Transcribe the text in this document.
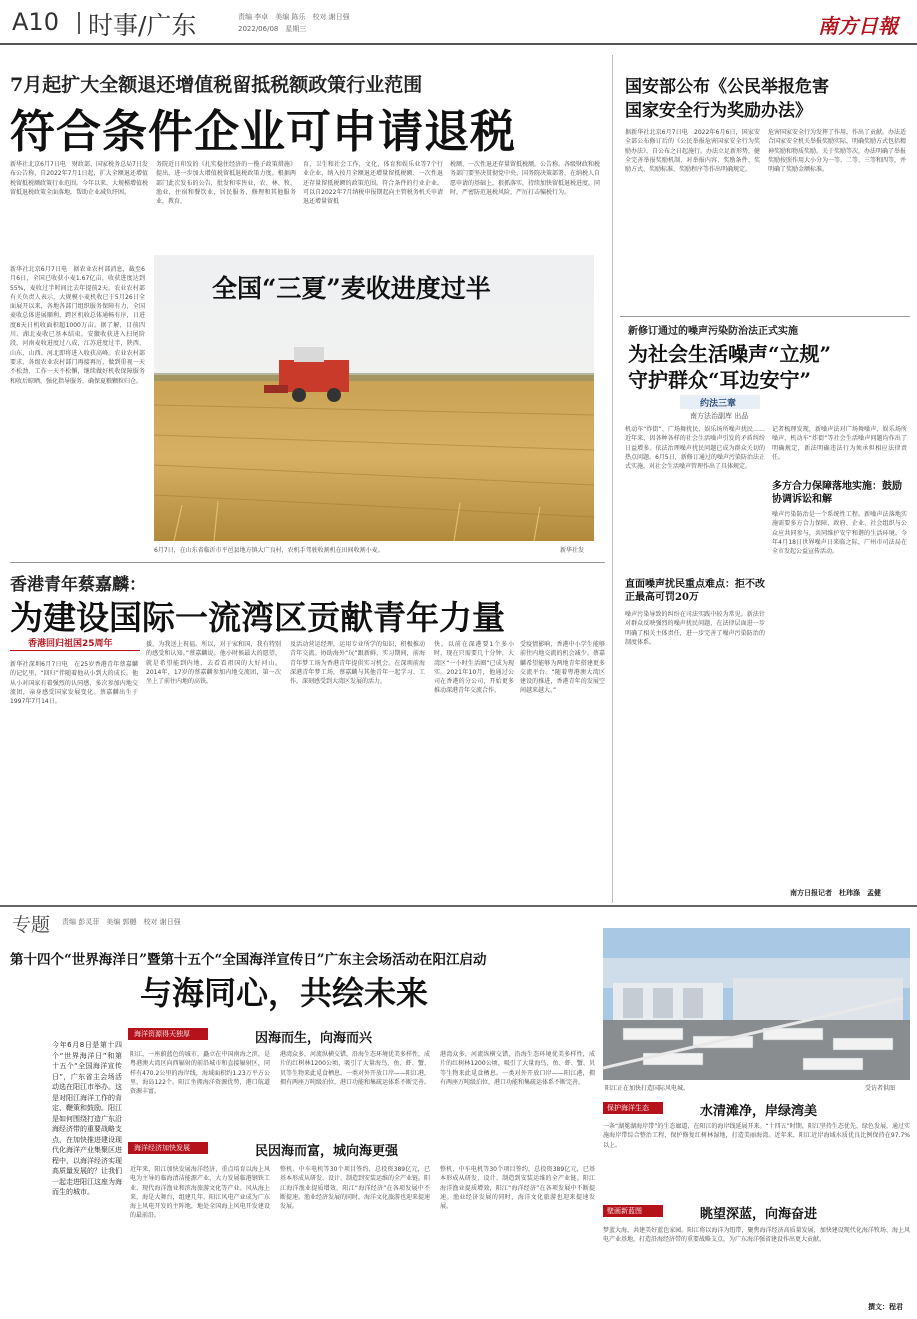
A10 时事/广东	责编 李卓　美编 陈乐　校对 谢日强
2022/06/08　星期三	南方日報
7月起扩大全额退还增值税留抵税额政策行业范围
符合条件企业可申请退税
新华社北京6月7日电　财政部、国家税务总局7日发布公告称，自2022年7月1日起，扩大全额退还增值税留抵税额政策行业范围。今年以来，大规模增值税留抵退税政策全面落地，帮助企业减负纾困。
务院近日印发的《扎实稳住经济的一揽子政策措施》提出，进一步加大增值税留抵退税政策力度。根据两部门此次发布的公告，批发和零售业，农、林、牧、渔业，住宿和餐饮业，居民服务、修理和其他服务业，教育，
育，卫生和社会工作，文化、体育和娱乐业等7个行业企业，纳入按月全额退还增量留抵税额、一次性退还存量留抵税额的政策范围。符合条件的行业企业，可以自2022年7月纳税申报期起向主管税务机关申请退还增量留抵
税额、一次性退还存量留抵税额。公告称，各级财政和税务部门要坚决贯彻党中央、国务院决策部署，在纳税人自愿申请的基础上，狠抓落实，持续加快留抵退税进度。同时，严密防范退税风险，严厉打击骗税行为。
新华社北京6月7日电　据农业农村部消息，截至6月6日，全国已收获小麦1.67亿亩，收获进度达到55%，麦收过半时间比去年提前2天。农业农村部有关负责人表示，大规模小麦机收已于5月26日全面展开以来，各地各部门组织服务保障有力，全国麦收总体进展顺利，跨区机收总体通畅有序，日进度8天日机收面积超1000万亩。据了解，目前四川、湖北麦收已基本结束，安徽收获进入扫尾阶段，河南麦收进度过八成，江苏进度过半，陕西、山东、山西、河北即将进入收获高峰。农业农村部要求，各级农业农村部门再接再厉，做到重视一天不松劲、工作一天不松懈，继续做好机收保障服务和收后晾晒，强化指导服务，确保夏粮颗粒归仓。
全国“三夏”麦收进度过半
6月7日，在山东省临沂市平邑县地方镇大广良村，农机手驾驶收割机在田间收割小麦。	新华社发
香港青年蔡嘉麟：
为建设国际一流湾区贡献青年力量
香港回归祖国25周年
新华社深圳6月7日电　在25岁香港青年蔡嘉麟的记忆里，“回归”伴随着他从小到大的成长。他从小对国家有着强烈的认同感，多次参加内地交流团，亲身感受国家发展变化。蔡嘉麟出生于1997年7月14日。
援，为我送上祝福。所以，对于家和国，我有特别的感受和认知。”蔡嘉麟说。他小时候最大的愿望，就是希望能到内地，去看看祖国的大好河山。2014年，17岁的蔡嘉麟参加内地交流团，第一次坐上了前往内地的高铁。
及活动营运经理，运用专业所学的知识，积极推动青年交流。协助海外“玩”跟新鲜，实习期间，前海青年梦工场为香港青年提供实习机会。在深圳前海深港青年梦工场，蔡嘉麟与其他青年一起学习、工作，深刻感受到大湾区发展的活力。
快。以前在深港要1个多小时，现在只需要几十分钟，大湾区“一小时生活圈”已成为现实。2021年10月，他通过公司在香港的分公司，开始更多推动深港青年交流合作。
受疫情影响，香港中小学生能够前往内地交流的机会减少。蔡嘉麟希望能够为两地青年搭建更多交流平台。“随着粤港澳大湾区建设的推进，香港青年的发展空间越来越大。”
国安部公布《公民举报危害
国家安全行为奖励办法》
据新华社北京6月7日电　2022年6月6日，国家安全部公布修订后的《公民举报危害国家安全行为奖励办法》，自公布之日起施行。办法立足新形势，健全完善举报奖励机制，对举报内容、奖励条件、奖励方式、奖励标准、奖励程序等作出明确规定。
危害国家安全行为发挥了作用，作出了贡献。办法适合国家安全机关举报奖励实际，明确奖励方式包括精神奖励和物质奖励。关于奖励等次，办法明确了举报奖励按照作用大小分为一等、二等、三等和四等，并明确了奖励金额标准。
新修订通过的噪声污染防治法正式实施
为社会生活噪声“立规”
守护群众“耳边安宁”
约法三章
南方法治副库 出品
机动车“炸街”、广场舞扰民、娱乐场所噪声扰民……近年来，因各种各样的社会生活噪声引发的矛盾纠纷日益增多。依法治理噪声扰民问题已成为群众关切的热点问题。6月5日，新修订通过的噪声污染防治法正式实施，对社会生活噪声管理作出了具体规定。
直面噪声扰民重点难点：拒不改正最高可罚20万
噪声污染导致的纠纷在司法实践中较为常见。新法针对群众反映强烈的噪声扰民问题，在法律层面进一步明确了相关主体责任，进一步完善了噪声污染防治的制度体系。
记者梳理发现，新噪声法对广场舞噪声、娱乐场所噪声、机动车“炸街”等社会生活噪声问题均作出了明确规定，新法明确违法行为须承担相应法律责任。
多方合力保障落地实施：鼓励协调诉讼和解
噪声污染防治是一个系统性工程。新噪声法落地实施需要多方合力保障，政府、企业、社会组织与公众应共同参与，共同维护安宁和谐的生活环境。今年4月18日世界噪声日来临之际，广州市司法局在全市发起公益宣传活动。
南方日报记者　杜玮涤　孟健
专题 责编 彭灵菲　美编 郭樾　校对 谢日强
第十四个“世界海洋日”暨第十五个“全国海洋宣传日”广东主会场活动在阳江启动
与海同心，共绘未来
今年6月8日是第十四个“世界海洋日”和第十五个“全国海洋宣传日”，广东省主会场活动选在阳江市举办。这是对阳江海洋工作的肯定、鞭策和鼓励。阳江是如何围绕打造广东沿海经济带的重要战略支点，在加快推进建设现代化海洋产业集聚区进程中，以海洋经济实现高质量发展的？让我们一起走进阳江这座为海而生的城市。
海洋资源得天独厚	因海而生，向海而兴
阳江，一座蔚蓝色的城市，矗立在中国南海之滨，是粤港澳大湾区向西辐射的前沿城市和直接辐射区，同样有470.2公里的海岸线，海域面积约1.23万平方公里，海岛122个。阳江坐拥海洋资源优势，港口航道资源丰富。
港湾众多，河流纵横交错，沿海生态环境优美多样性，成片的红树林1200公顷，吸引了大量海鸟、鱼、虾、蟹、贝等生物来此觅食栖息。一类对外开放口岸——阳江港，拥有两座万吨级泊位，港口功能和集疏运体系不断完善。
海洋经济加快发展	民因海而富，城向海更强
近年来，阳江加快发展海洋经济，重点培育以海上风电为主导的临海清洁能源产业，大力发展临港钢铁工业、现代海洋渔业和滨海旅游文化等产业。风从海上来，海是大舞台，组建几年，阳江风电产业成为广东海上风电开发的主阵地，地处全国海上风电开发建设的最前沿。
整机、中车电机等30个项目签约，总投资389亿元，已基本形成从研发、设计、制造到安装运维的全产业链。阳江海洋渔业提质增效，阳江“海洋经济”在各项发展中不断提速。渔业经济发展的同时，海洋文化旅游也迎来提速发展。
港湾众多，河流纵横交错，沿海生态环境优美多样性，成片的红树林1200公顷，吸引了大量海鸟、鱼、虾、蟹、贝等生物来此觅食栖息。一类对外开放口岸——阳江港，拥有两座万吨级泊位，港口功能和集疏运体系不断完善。
整机、中车电机等30个项目签约，总投资389亿元，已基本形成从研发、设计、制造到安装运维的全产业链。阳江海洋渔业提质增效，阳江“海洋经济”在各项发展中不断提速。渔业经济发展的同时，海洋文化旅游也迎来提速发展。
阳江正在加快打造国际风电城。	受访者供图
保护海洋生态	水清滩净，岸绿湾美
一条“湖冕湖海岸带”的生态廊道，在阳江的海岸线延展开来。“十四五”时期，阳江坚持生态优先、绿色发展，通过实施海岸带综合整治工程，保护修复红树林湿地，打造美丽海湾。近年来，阳江近岸海域水质优良比例保持在97.7%以上。
壁画新蓝图	眺望深蓝，向海奋进
梦蓝大海，共建美好蓝色家园。阳江将以海洋为纽带，聚焦海洋经济高质量发展，加快建设现代化海洋牧场、海上风电产业基地，打造沿海经济带的重要战略支点，为广东海洋强省建设作出更大贡献。
撰文：程君
